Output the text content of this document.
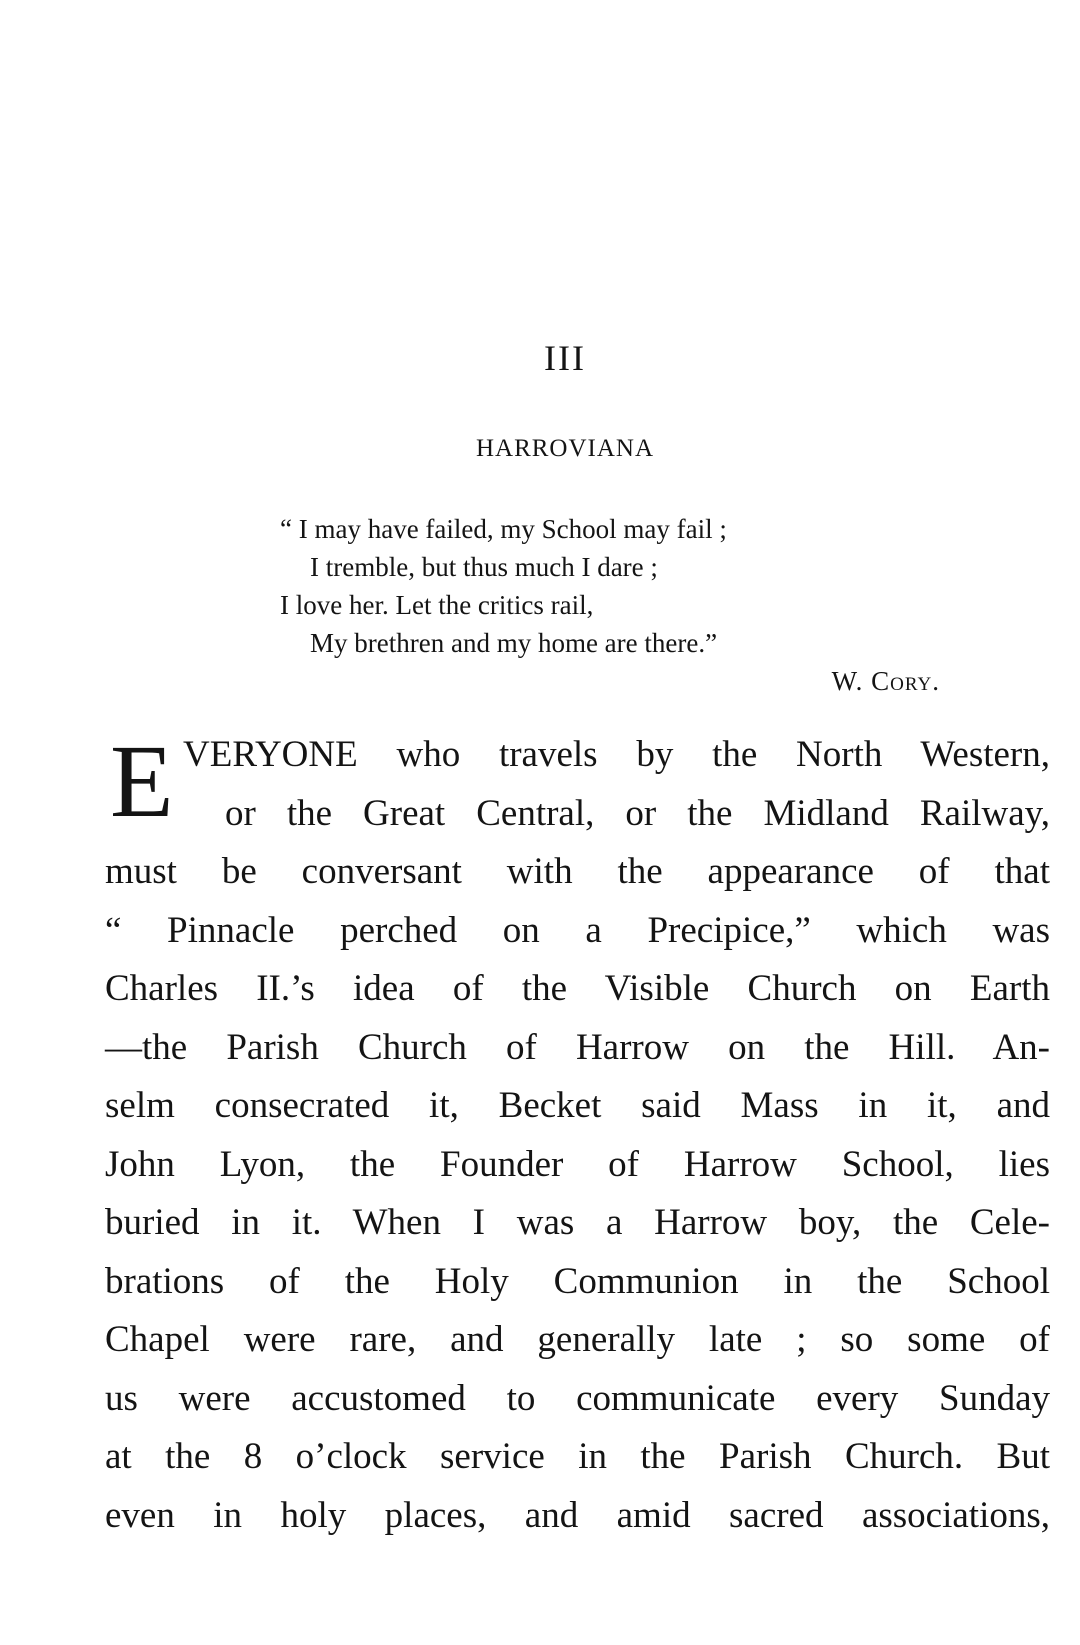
III
HARROVIANA
“ I may have failed, my School may fail ;
I tremble, but thus much I dare ;
I love her. Let the critics rail,
My brethren and my home are there.”
W. Cory.
E VERYONE who travels by the North Western,
or the Great Central, or the Midland Railway,
must be conversant with the appearance of that
“ Pinnacle perched on a Precipice,” which was
Charles II.’s idea of the Visible Church on Earth
—the Parish Church of Harrow on the Hill. An-
selm consecrated it, Becket said Mass in it, and
John Lyon, the Founder of Harrow School, lies
buried in it. When I was a Harrow boy, the Cele-
brations of the Holy Communion in the School
Chapel were rare, and generally late ; so some of
us were accustomed to communicate every Sunday
at the 8 o’clock service in the Parish Church. But
even in holy places, and amid sacred associations,
